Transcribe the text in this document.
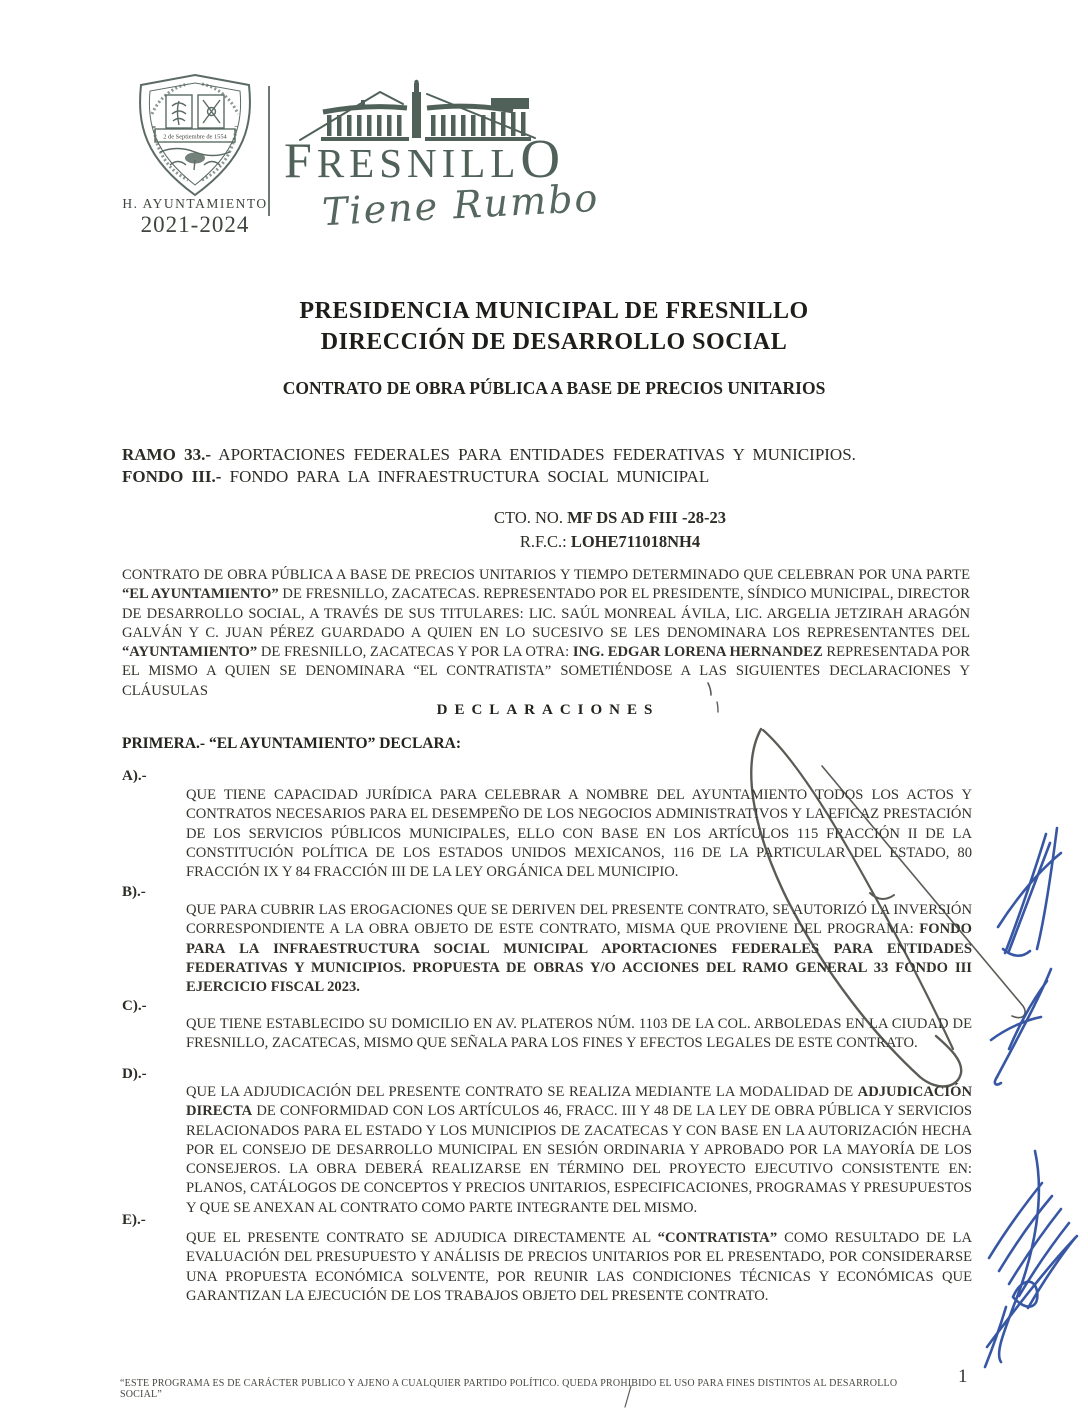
2 de Septiembre de 1554
H. AYUNTAMIENTO
2021-2024
FRESNILLO
Tiene Rumbo
PRESIDENCIA MUNICIPAL DE FRESNILLO
DIRECCIÓN DE DESARROLLO SOCIAL
CONTRATO DE OBRA PÚBLICA A BASE DE PRECIOS UNITARIOS
RAMO 33.- APORTACIONES FEDERALES PARA ENTIDADES FEDERATIVAS Y MUNICIPIOS.
FONDO III.- FONDO PARA LA INFRAESTRUCTURA SOCIAL MUNICIPAL
CTO. NO. MF DS AD FIII -28-23
R.F.C.: LOHE711018NH4
CONTRATO DE OBRA PÚBLICA A BASE DE PRECIOS UNITARIOS Y TIEMPO DETERMINADO QUE CELEBRAN POR UNA PARTE “EL AYUNTAMIENTO” DE FRESNILLO, ZACATECAS. REPRESENTADO POR EL PRESIDENTE, SÍNDICO MUNICIPAL, DIRECTOR DE DESARROLLO SOCIAL, A TRAVÉS DE SUS TITULARES: LIC. SAÚL MONREAL ÁVILA, LIC. ARGELIA JETZIRAH ARAGÓN GALVÁN Y C. JUAN PÉREZ GUARDADO A QUIEN EN LO SUCESIVO SE LES DENOMINARA LOS REPRESENTANTES DEL “AYUNTAMIENTO” DE FRESNILLO, ZACATECAS Y POR LA OTRA: ING. EDGAR LORENA HERNANDEZ REPRESENTADA POR EL MISMO A QUIEN SE DENOMINARA “EL CONTRATISTA” SOMETIÉNDOSE A LAS SIGUIENTES DECLARACIONES Y CLÁUSULAS
DECLARACIONES
PRIMERA.- “EL AYUNTAMIENTO” DECLARA:
A).-
QUE TIENE CAPACIDAD JURÍDICA PARA CELEBRAR A NOMBRE DEL AYUNTAMIENTO TODOS LOS ACTOS Y CONTRATOS NECESARIOS PARA EL DESEMPEÑO DE LOS NEGOCIOS ADMINISTRATIVOS Y LA EFICAZ PRESTACIÓN DE LOS SERVICIOS PÚBLICOS MUNICIPALES, ELLO CON BASE EN LOS ARTÍCULOS 115 FRACCIÓN II DE LA CONSTITUCIÓN POLÍTICA DE LOS ESTADOS UNIDOS MEXICANOS, 116 DE LA PARTICULAR DEL ESTADO, 80 FRACCIÓN IX Y 84 FRACCIÓN III DE LA LEY ORGÁNICA DEL MUNICIPIO.
B).-
QUE PARA CUBRIR LAS EROGACIONES QUE SE DERIVEN DEL PRESENTE CONTRATO, SE AUTORIZÓ LA INVERSIÓN CORRESPONDIENTE A LA OBRA OBJETO DE ESTE CONTRATO, MISMA QUE PROVIENE DEL PROGRAMA: FONDO PARA LA INFRAESTRUCTURA SOCIAL MUNICIPAL APORTACIONES FEDERALES PARA ENTIDADES FEDERATIVAS Y MUNICIPIOS. PROPUESTA DE OBRAS Y/O ACCIONES DEL RAMO GENERAL 33 FONDO III EJERCICIO FISCAL 2023.
C).-
QUE TIENE ESTABLECIDO SU DOMICILIO EN AV. PLATEROS NÚM. 1103 DE LA COL. ARBOLEDAS EN LA CIUDAD DE FRESNILLO, ZACATECAS, MISMO QUE SEÑALA PARA LOS FINES Y EFECTOS LEGALES DE ESTE CONTRATO.
D).-
QUE LA ADJUDICACIÓN DEL PRESENTE CONTRATO SE REALIZA MEDIANTE LA MODALIDAD DE ADJUDICACIÓN DIRECTA DE CONFORMIDAD CON LOS ARTÍCULOS 46, FRACC. III Y 48 DE LA LEY DE OBRA PÚBLICA Y SERVICIOS RELACIONADOS PARA EL ESTADO Y LOS MUNICIPIOS DE ZACATECAS Y CON BASE EN LA AUTORIZACIÓN HECHA POR EL CONSEJO DE DESARROLLO MUNICIPAL EN SESIÓN ORDINARIA Y APROBADO POR LA MAYORÍA DE LOS CONSEJEROS. LA OBRA DEBERÁ REALIZARSE EN TÉRMINO DEL PROYECTO EJECUTIVO CONSISTENTE EN: PLANOS, CATÁLOGOS DE CONCEPTOS Y PRECIOS UNITARIOS, ESPECIFICACIONES, PROGRAMAS Y PRESUPUESTOS Y QUE SE ANEXAN AL CONTRATO COMO PARTE INTEGRANTE DEL MISMO.
E).-
QUE EL PRESENTE CONTRATO SE ADJUDICA DIRECTAMENTE AL “CONTRATISTA” COMO RESULTADO DE LA EVALUACIÓN DEL PRESUPUESTO Y ANÁLISIS DE PRECIOS UNITARIOS POR EL PRESENTADO, POR CONSIDERARSE UNA PROPUESTA ECONÓMICA SOLVENTE, POR REUNIR LAS CONDICIONES TÉCNICAS Y ECONÓMICAS QUE GARANTIZAN LA EJECUCIÓN DE LOS TRABAJOS OBJETO DEL PRESENTE CONTRATO.
“ESTE PROGRAMA ES DE CARÁCTER PUBLICO Y AJENO A CUALQUIER PARTIDO POLÍTICO. QUEDA PROHIBIDO EL USO PARA FINES DISTINTOS AL DESARROLLO SOCIAL”
1
